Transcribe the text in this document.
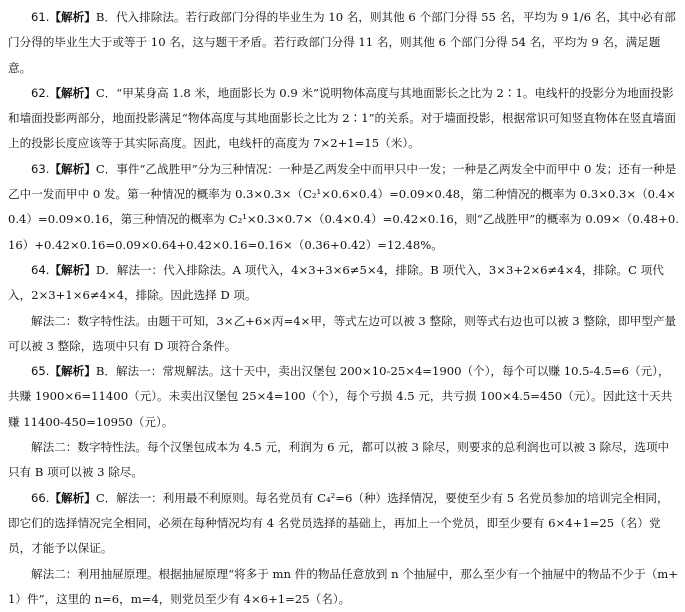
61.【解析】B．代入排除法。若行政部门分得的毕业生为 10 名，则其他 6 个部门分得 55 名，平均为 9 1/6 名，其中必有部门分得的毕业生大于或等于 10 名，这与题干矛盾。若行政部门分得 11 名，则其他 6 个部门分得 54 名，平均为 9 名，满足题意。

62.【解析】C．“甲某身高 1.8 米，地面影长为 0.9 米”说明物体高度与其地面影长之比为 2∶1。电线杆的投影分为地面投影和墙面投影两部分，地面投影满足“物体高度与其地面影长之比为 2∶1”的关系。对于墙面投影，根据常识可知竖直物体在竖直墙面上的投影长度应该等于其实际高度。因此，电线杆的高度为 7×2+1=15（米）。

63.【解析】C．事件“乙战胜甲”分为三种情况：一种是乙两发全中而甲只中一发；一种是乙两发全中而甲中 0 发；还有一种是乙中一发而甲中 0 发。第一种情况的概率为 0.3×0.3×（C₂¹×0.6×0.4）=0.09×0.48，第二种情况的概率为 0.3×0.3×（0.4×0.4）=0.09×0.16，第三种情况的概率为 C₂¹×0.3×0.7×（0.4×0.4）=0.42×0.16，则“乙战胜甲”的概率为 0.09×（0.48+0.16）+0.42×0.16=0.09×0.64+0.42×0.16=0.16×（0.36+0.42）=12.48%。

64.【解析】D．解法一：代入排除法。A 项代入，4×3+3×6≠5×4，排除。B 项代入，3×3+2×6≠4×4，排除。C 项代入，2×3+1×6≠4×4，排除。因此选择 D 项。

解法二：数字特性法。由题干可知，3×乙+6×丙=4×甲，等式左边可以被 3 整除，则等式右边也可以被 3 整除，即甲型产量可以被 3 整除，选项中只有 D 项符合条件。

65.【解析】B．解法一：常规解法。这十天中，卖出汉堡包 200×10-25×4=1900（个），每个可以赚 10.5-4.5=6（元），共赚 1900×6=11400（元）。未卖出汉堡包 25×4=100（个），每个亏损 4.5 元，共亏损 100×4.5=450（元）。因此这十天共赚 11400-450=10950（元）。

解法二：数字特性法。每个汉堡包成本为 4.5 元，利润为 6 元，都可以被 3 除尽，则要求的总利润也可以被 3 除尽，选项中只有 B 项可以被 3 除尽。

66.【解析】C．解法一：利用最不利原则。每名党员有 C₄²=6（种）选择情况，要使至少有 5 名党员参加的培训完全相同，即它们的选择情况完全相同，必须在每种情况均有 4 名党员选择的基础上，再加上一个党员，即至少要有 6×4+1=25（名）党员，才能予以保证。

解法二：利用抽屉原理。根据抽屉原理“将多于 mn 件的物品任意放到 n 个抽屉中，那么至少有一个抽屉中的物品不少于（m+1）件”，这里的 n=6，m=4，则党员至少有 4×6+1=25（名）。
